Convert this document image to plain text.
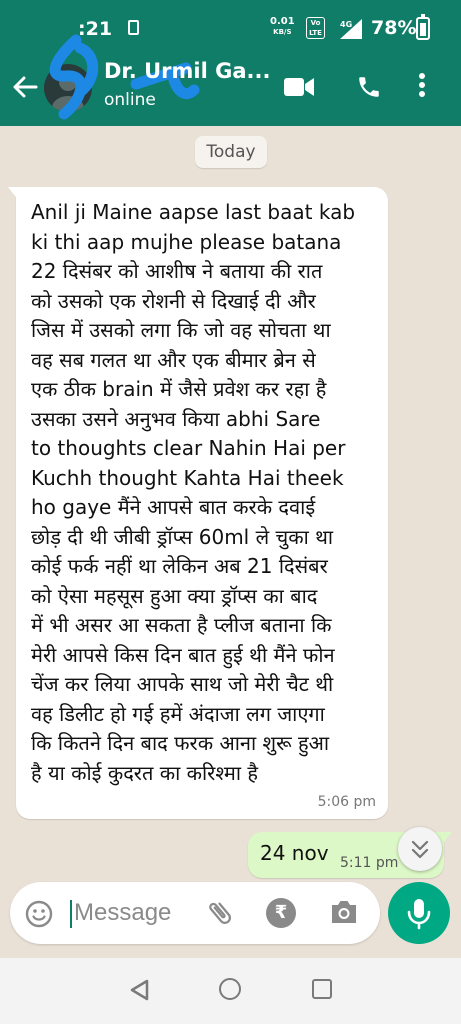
:21	0.01
KB/S
Vo LTE
4G 78%
Dr. Urmil Ga...
online
Today
Anil ji Maine aapse last baat kab
ki thi aap mujhe please batana
22 दिसंबर को आशीष ने बताया की रात
को उसको एक रोशनी से दिखाई दी और
जिस में उसको लगा कि जो वह सोचता था
वह सब गलत था और एक बीमार ब्रेन से
एक ठीक brain में जैसे प्रवेश कर रहा है
उसका उसने अनुभव किया abhi Sare
to thoughts clear Nahin Hai per
Kuchh thought Kahta Hai theek
ho gaye मैंने आपसे बात करके दवाई
छोड़ दी थी जीबी ड्रॉप्स 60ml ले चुका था
कोई फर्क नहीं था लेकिन अब 21 दिसंबर
को ऐसा महसूस हुआ क्या ड्रॉप्स का बाद
में भी असर आ सकता है प्लीज बताना कि
मेरी आपसे किस दिन बात हुई थी मैंने फोन
चेंज कर लिया आपके साथ जो मेरी चैट थी
वह डिलीट हो गई हमें अंदाजा लग जाएगा
कि कितने दिन बाद फरक आना शुरू हुआ
है या कोई कुदरत का करिश्मा है
5:06 pm
24 nov 5:11 pm
Message
₹
